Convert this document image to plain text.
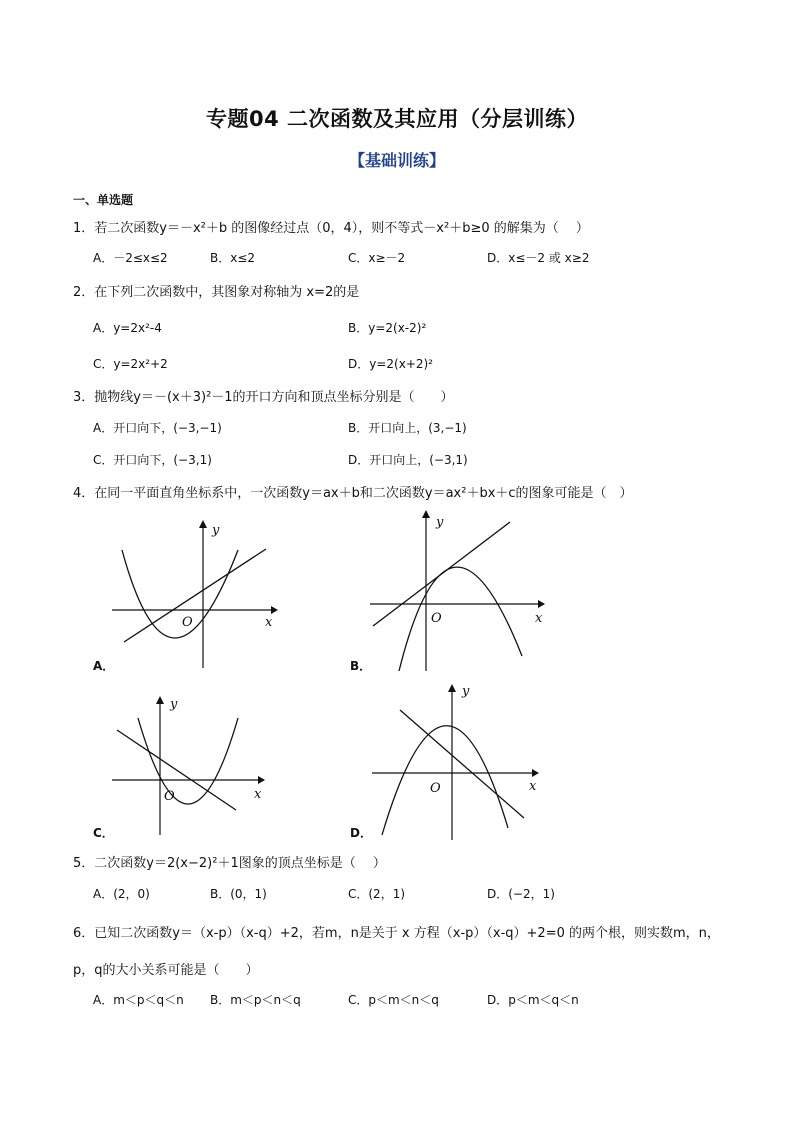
专题04 二次函数及其应用（分层训练）
【基础训练】
一、单选题
1．若二次函数y＝－x²＋b 的图像经过点（0，4），则不等式－x²＋b≥0 的解集为（　 ）
A．－2≤x≤2	B．x≤2	C．x≥－2	D．x≤－2 或 x≥2
2．在下列二次函数中，其图象对称轴为 x=2的是
A．y=2x²-4	B．y=2(x-2)²
C．y=2x²+2	D．y=2(x+2)²
3．抛物线y＝－(x＋3)²－1的开口方向和顶点坐标分别是（　　）
A．开口向下，(−3,−1)	B．开口向上，(3,−1)
C．开口向下，(−3,1)	D．开口向上，(−3,1)
4．在同一平面直角坐标系中，一次函数y＝ax＋b和二次函数y＝ax²＋bx＋c的图象可能是（　）
y
x
O
A．
y
x
O
B．
y
x
O
C．
y
x
O
D．
5．二次函数y＝2(x−2)²＋1图象的顶点坐标是（　 ）
A．(2，0)	B．(0，1)	C．(2，1)	D．(−2，1)
6．已知二次函数y＝（x-p）（x-q）+2，若m，n是关于 x 方程（x-p）（x-q）+2=0 的两个根，则实数m，n，
p，q的大小关系可能是（　　）
A．m＜p＜q＜n B．m＜p＜n＜q	C．p＜m＜n＜q	D．p＜m＜q＜n
